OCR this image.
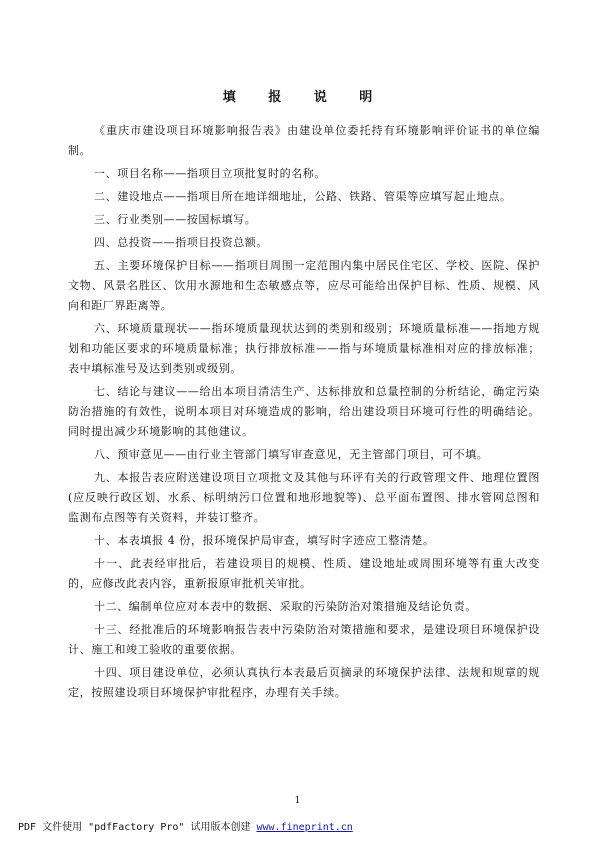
填 报 说 明

《重庆市建设项目环境影响报告表》由建设单位委托持有环境影响评价证书的单位编制。

一、项目名称——指项目立项批复时的名称。

二、建设地点——指项目所在地详细地址，公路、铁路、管渠等应填写起止地点。

三、行业类别——按国标填写。

四、总投资——指项目投资总额。

五、主要环境保护目标——指项目周围一定范围内集中居民住宅区、学校、医院、保护文物、风景名胜区、饮用水源地和生态敏感点等，应尽可能给出保护目标、性质、规模、风向和距厂界距离等。

六、环境质量现状——指环境质量现状达到的类别和级别；环境质量标准——指地方规划和功能区要求的环境质量标准；执行排放标准——指与环境质量标准相对应的排放标准；表中填标准号及达到类别或级别。

七、结论与建议——给出本项目清洁生产、达标排放和总量控制的分析结论，确定污染防治措施的有效性，说明本项目对环境造成的影响，给出建设项目环境可行性的明确结论。同时提出减少环境影响的其他建议。

八、预审意见——由行业主管部门填写审查意见，无主管部门项目，可不填。

九、本报告表应附送建设项目立项批文及其他与环评有关的行政管理文件、地理位置图(应反映行政区划、水系、标明纳污口位置和地形地貌等)、总平面布置图、排水管网总图和监测布点图等有关资料，并装订整齐。

十、本表填报 4 份，报环境保护局审查，填写时字迹应工整清楚。

十一、此表经审批后，若建设项目的规模、性质、建设地址或周围环境等有重大改变的，应修改此表内容，重新报原审批机关审批。

十二、编制单位应对本表中的数据、采取的污染防治对策措施及结论负责。

十三、经批准后的环境影响报告表中污染防治对策措施和要求，是建设项目环境保护设计、施工和竣工验收的重要依据。

十四、项目建设单位，必须认真执行本表最后页摘录的环境保护法律、法规和规章的规定，按照建设项目环境保护审批程序，办理有关手续。

1
PDF 文件使用 "pdfFactory Pro" 试用版本创建 www.fineprint.cn
